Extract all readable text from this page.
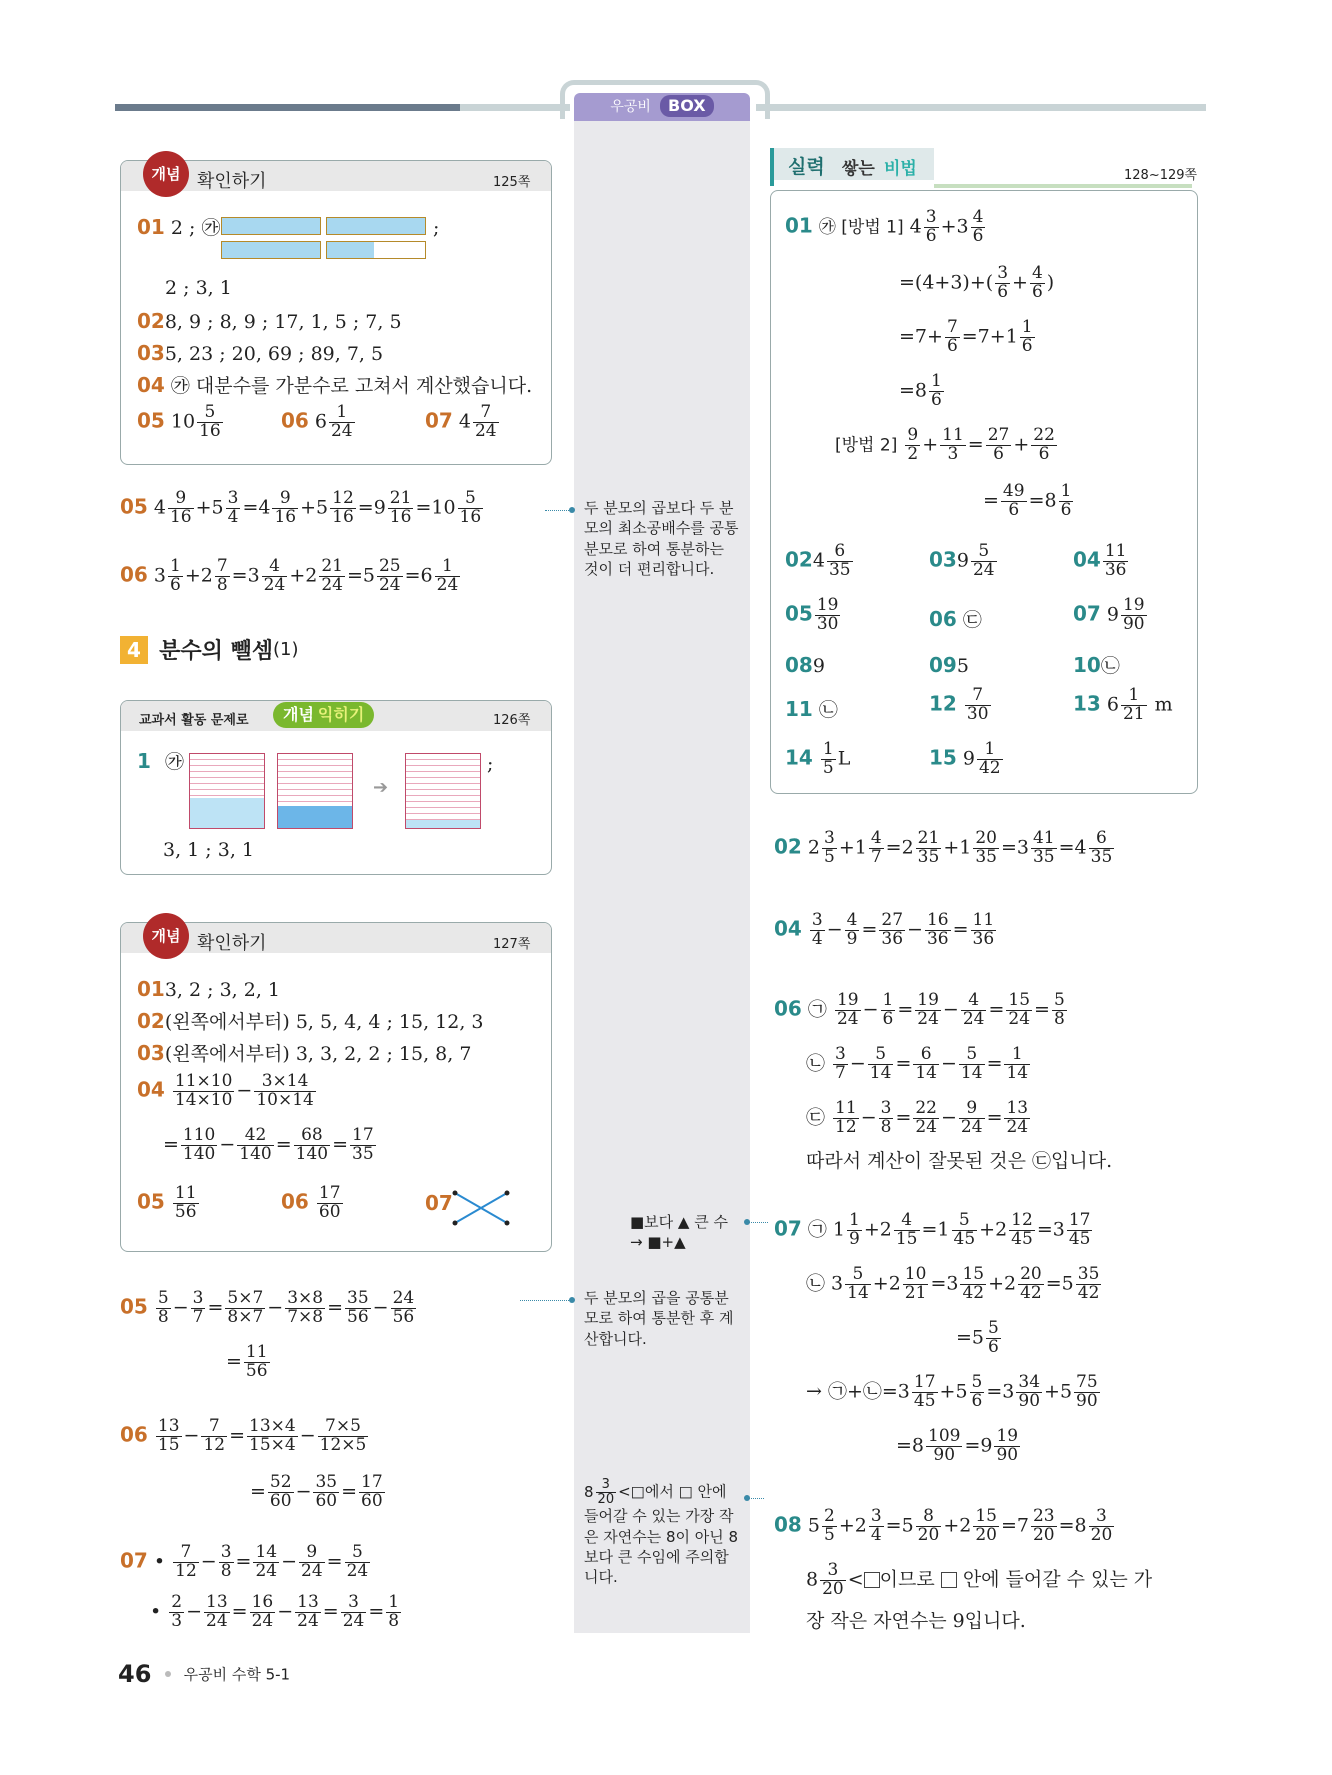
우공비 BOX
개념 확인하기	125쪽
01 2 ; ㉮	;
2 ; 3, 1
028, 9 ; 8, 9 ; 17, 1, 5 ; 7, 5
035, 23 ; 20, 69 ; 89, 7, 5
04 ㉮ 대분수를 가분수로 고쳐서 계산했습니다.
05 $10 \frac{5}{16}$	06 $6 \frac{1}{24}$	07 $4 \frac{7}{24}$
05 $4 \frac{9}{16} +5 \frac{3}{4} =4 \frac{9}{16} +5 \frac{12}{16} =9 \frac{21}{16} =10 \frac{5}{16}$
06 $3 \frac{1}{6} +2 \frac{7}{8} =3 \frac{4}{24} +2 \frac{21}{24} =5 \frac{25}{24} =6 \frac{1}{24}$
4 분수의 뺄셈(1)
교과서 활동 문제로	개념 익히기	126쪽
1 ㉮
➔
;
3, 1 ; 3, 1
개념 확인하기	127쪽
013, 2 ; 3, 2, 1
02(왼쪽에서부터) 5, 5, 4, 4 ; 15, 12, 3
03(왼쪽에서부터) 3, 3, 2, 2 ; 15, 8, 7
$04 \frac{11\times 10}{14\times 10} - \frac{3\times 14}{10\times 14}$
= $\frac{110}{140} - \frac{42}{140} = \frac{68}{140} = \frac{17}{35}$
$05 \frac{11}{56}$	$06 \frac{17}{60}$	07
$05 \frac{5}{8} - \frac{3}{7} = \frac{5\times 7}{8\times 7} - \frac{3\times 8}{7\times 8} = \frac{35}{56} - \frac{24}{56}$
= $\frac{11}{56}$
$06 \frac{13}{15} - \frac{7}{12} = \frac{13\times 4}{15\times 4} - \frac{7\times 5}{12\times 5}$
= $\frac{52}{60} - \frac{35}{60} = \frac{17}{60}$
07 • $\frac{7}{12} - \frac{3}{8} = \frac{14}{24} - \frac{9}{24} = \frac{5}{24}$
• $\frac{2}{3} - \frac{13}{24} = \frac{16}{24} - \frac{13}{24} = \frac{3}{24} = \frac{1}{8}$
두 분모의 곱보다 두 분모의 최소공배수를 공통분모로 하여 통분하는 것이 더 편리합니다.
■보다 ▲ 큰 수
→ ■+▲
두 분모의 곱을 공통분모로 하여 통분한 후 계산합니다.
$8 \frac{3}{20}$ <□에서 □ 안에 들어갈 수 있는 가장 작은 자연수는 8이 아닌 8보다 큰 수임에 주의합니다.
실력 쌓는 비법	128~129쪽
01 ㉮ [방법 1] $4 \frac{3}{6} +3 \frac{4}{6}$
$=(4+3)+( \frac{3}{6} + \frac{4}{6}$ )
$=7+ \frac{7}{6} =7+1 \frac{1}{6}$
$=8 \frac{1}{6}$
[방법 $2] \frac{9}{2} + \frac{11}{3} = \frac{27}{6} + \frac{22}{6}$
= $\frac{49}{6} =8 \frac{1}{6}$
$024 \frac{6}{35}$	$039 \frac{5}{24}$	$04 \frac{11}{36}$
$05 \frac{19}{30}$	06 ㉢	07 $9 \frac{19}{90}$
089	095	10㉡
11 ㉡	$12 \frac{7}{30}$	13 $6 \frac{1}{21}$ m
$14 \frac{1}{5}$ L	15 $9 \frac{1}{42}$
02 $2 \frac{3}{5} +1 \frac{4}{7} =2 \frac{21}{35} +1 \frac{20}{35} =3 \frac{41}{35} =4 \frac{6}{35}$
$04 \frac{3}{4} - \frac{4}{9} = \frac{27}{36} - \frac{16}{36} = \frac{11}{36}$
06 ㉠ $\frac{19}{24} - \frac{1}{6} = \frac{19}{24} - \frac{4}{24} = \frac{15}{24} = \frac{5}{8}$
㉡ $\frac{3}{7} - \frac{5}{14} = \frac{6}{14} - \frac{5}{14} = \frac{1}{14}$
㉢ $\frac{11}{12} - \frac{3}{8} = \frac{22}{24} - \frac{9}{24} = \frac{13}{24}$
따라서 계산이 잘못된 것은 ㉢입니다.
07 ㉠ $1 \frac{1}{9} +2 \frac{4}{15} =1 \frac{5}{45} +2 \frac{12}{45} =3 \frac{17}{45}$
㉡ $3 \frac{5}{14} +2 \frac{10}{21} =3 \frac{15}{42} +2 \frac{20}{42} =5 \frac{35}{42}$
$=5 \frac{5}{6}$
→ ㉠+㉡=3 $\frac{17}{45} +5 \frac{5}{6} =3 \frac{34}{90} +5 \frac{75}{90}$
$=8 \frac{109}{90} =9 \frac{19}{90}$
08 $5 \frac{2}{5} +2 \frac{3}{4} =5 \frac{8}{20} +2 \frac{15}{20} =7 \frac{23}{20} =8 \frac{3}{20}$
$8 \frac{3}{20}$ < 이므로 안에 들어갈 수 있는 가
장 작은 자연수는 9입니다.
46 우공비 수학 5-1
